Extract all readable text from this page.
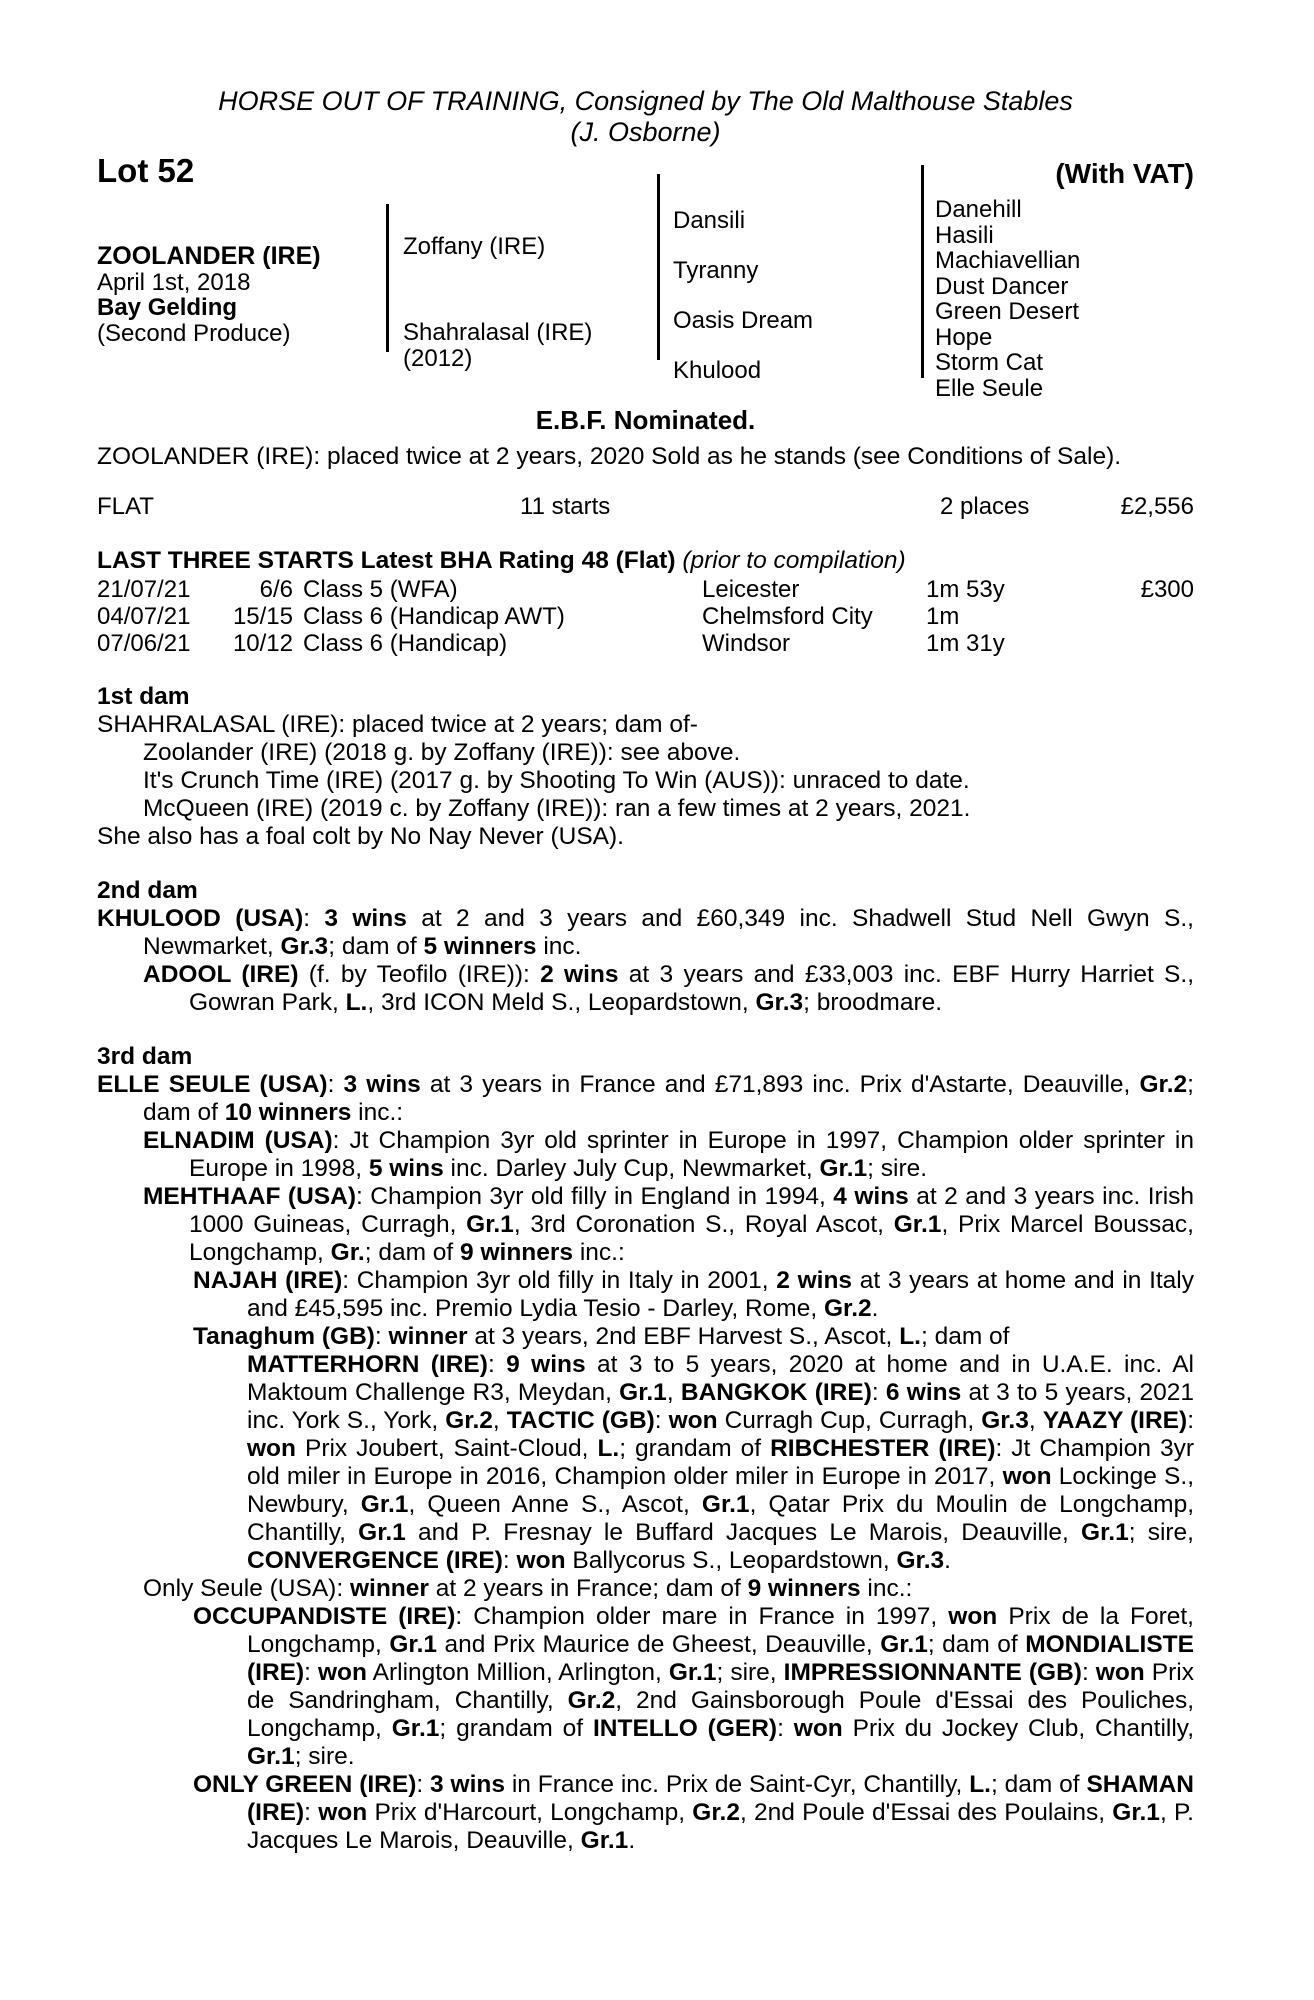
HORSE OUT OF TRAINING, Consigned by The Old Malthouse Stables
(J. Osborne)
Lot 52	(With VAT)
ZOOLANDER (IRE)
April 1st, 2018
Bay Gelding
(Second Produce)
Zoffany (IRE)
Shahralasal (IRE)
(2012)
Dansili
Tyranny
Oasis Dream
Khulood
Danehill
Hasili
Machiavellian
Dust Dancer
Green Desert
Hope
Storm Cat
Elle Seule
E.B.F. Nominated.

ZOOLANDER (IRE): placed twice at 2 years, 2020 Sold as he stands (see Conditions of Sale).

FLAT	11 starts	2 places	£2,556
LAST THREE STARTS Latest BHA Rating 48 (Flat) (prior to compilation)
21/07/21	6/6 Class 5 (WFA)	Leicester	1m 53y	£300
04/07/21	15/15 Class 6 (Handicap AWT)	Chelmsford City	1m
07/06/21	10/12 Class 6 (Handicap)	Windsor	1m 31y
1st dam

SHAHRALASAL (IRE): placed twice at 2 years; dam of-

Zoolander (IRE) (2018 g. by Zoffany (IRE)): see above.

It's Crunch Time (IRE) (2017 g. by Shooting To Win (AUS)): unraced to date.

McQueen (IRE) (2019 c. by Zoffany (IRE)): ran a few times at 2 years, 2021.

She also has a foal colt by No Nay Never (USA).

2nd dam

KHULOOD (USA): 3 wins at 2 and 3 years and £60,349 inc. Shadwell Stud Nell Gwyn S., Newmarket, Gr.3; dam of 5 winners inc.

ADOOL (IRE) (f. by Teofilo (IRE)): 2 wins at 3 years and £33,003 inc. EBF Hurry Harriet S., Gowran Park, L., 3rd ICON Meld S., Leopardstown, Gr.3; broodmare.

3rd dam

ELLE SEULE (USA): 3 wins at 3 years in France and £71,893 inc. Prix d'Astarte, Deauville, Gr.2; dam of 10 winners inc.:

ELNADIM (USA): Jt Champion 3yr old sprinter in Europe in 1997, Champion older sprinter in Europe in 1998, 5 wins inc. Darley July Cup, Newmarket, Gr.1; sire.

MEHTHAAF (USA): Champion 3yr old filly in England in 1994, 4 wins at 2 and 3 years inc. Irish 1000 Guineas, Curragh, Gr.1, 3rd Coronation S., Royal Ascot, Gr.1, Prix Marcel Boussac, Longchamp, Gr.; dam of 9 winners inc.:

NAJAH (IRE): Champion 3yr old filly in Italy in 2001, 2 wins at 3 years at home and in Italy and £45,595 inc. Premio Lydia Tesio - Darley, Rome, Gr.2.

Tanaghum (GB): winner at 3 years, 2nd EBF Harvest S., Ascot, L.; dam of

MATTERHORN (IRE): 9 wins at 3 to 5 years, 2020 at home and in U.A.E. inc. Al Maktoum Challenge R3, Meydan, Gr.1, BANGKOK (IRE): 6 wins at 3 to 5 years, 2021 inc. York S., York, Gr.2, TACTIC (GB): won Curragh Cup, Curragh, Gr.3, YAAZY (IRE): won Prix Joubert, Saint-Cloud, L.; grandam of RIBCHESTER (IRE): Jt Champion 3yr old miler in Europe in 2016, Champion older miler in Europe in 2017, won Lockinge S., Newbury, Gr.1, Queen Anne S., Ascot, Gr.1, Qatar Prix du Moulin de Longchamp, Chantilly, Gr.1 and P. Fresnay le Buffard Jacques Le Marois, Deauville, Gr.1; sire, CONVERGENCE (IRE): won Ballycorus S., Leopardstown, Gr.3.

Only Seule (USA): winner at 2 years in France; dam of 9 winners inc.:

OCCUPANDISTE (IRE): Champion older mare in France in 1997, won Prix de la Foret, Longchamp, Gr.1 and Prix Maurice de Gheest, Deauville, Gr.1; dam of MONDIALISTE (IRE): won Arlington Million, Arlington, Gr.1; sire, IMPRESSIONNANTE (GB): won Prix de Sandringham, Chantilly, Gr.2, 2nd Gainsborough Poule d'Essai des Pouliches, Longchamp, Gr.1; grandam of INTELLO (GER): won Prix du Jockey Club, Chantilly, Gr.1; sire.

ONLY GREEN (IRE): 3 wins in France inc. Prix de Saint-Cyr, Chantilly, L.; dam of SHAMAN (IRE): won Prix d'Harcourt, Longchamp, Gr.2, 2nd Poule d'Essai des Poulains, Gr.1, P. Jacques Le Marois, Deauville, Gr.1.
